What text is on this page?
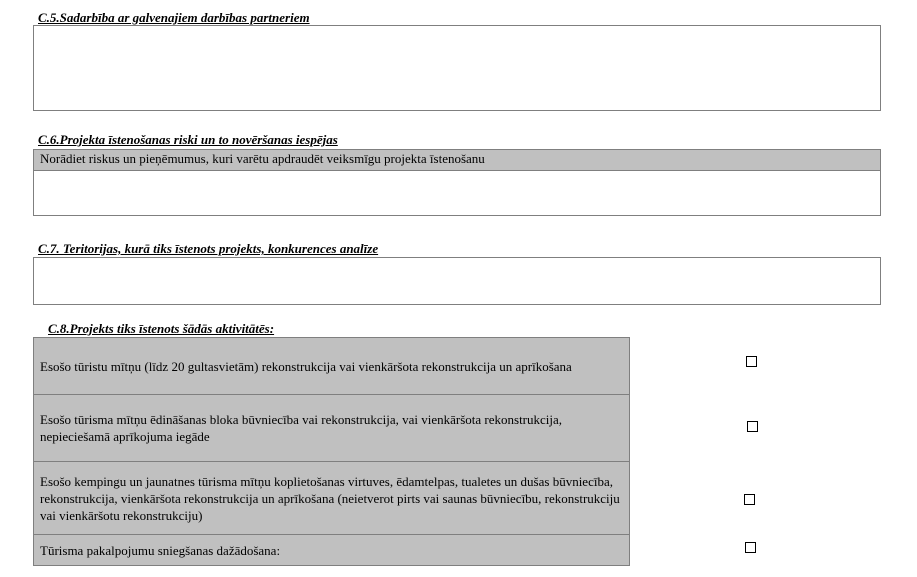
C.5.Sadarbība ar galvenajiem darbības partneriem
C.6.Projekta īstenošanas riski un to novēršanas iespējas
Norādiet riskus un pieņēmumus, kuri varētu apdraudēt veiksmīgu projekta īstenošanu
C.7. Teritorijas, kurā tiks īstenots projekts, konkurences analīze
C.8.Projekts tiks īstenots šādās aktivitātēs:
Esošo tūristu mītņu (līdz 20 gultasvietām) rekonstrukcija vai vienkāršota rekonstrukcija un aprīkošana
Esošo tūrisma mītņu ēdināšanas bloka būvniecība vai rekonstrukcija, vai vienkāršota rekonstrukcija, nepieciešamā aprīkojuma iegāde
Esošo kempingu un jaunatnes tūrisma mītņu koplietošanas virtuves, ēdamtelpas, tualetes un dušas būvniecība, rekonstrukcija, vienkāršota rekonstrukcija un aprīkošana (neietverot pirts vai saunas būvniecību, rekonstrukciju vai vienkāršotu rekonstrukciju)
Tūrisma pakalpojumu sniegšanas dažādošana:
